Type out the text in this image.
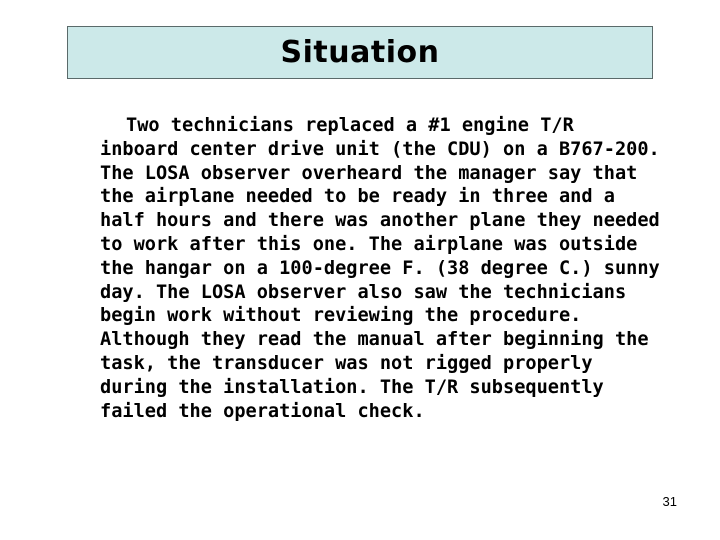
Situation

Two technicians replaced a #1 engine T/R inboard center drive unit (the CDU) on a B767-200. The LOSA observer overheard the manager say that the airplane needed to be ready in three and a half hours and there was another plane they needed to work after this one. The airplane was outside the hangar on a 100-degree F. (38 degree C.) sunny day. The LOSA observer also saw the technicians begin work without reviewing the procedure. Although they read the manual after beginning the task, the transducer was not rigged properly during the installation. The T/R subsequently failed the operational check.

31
